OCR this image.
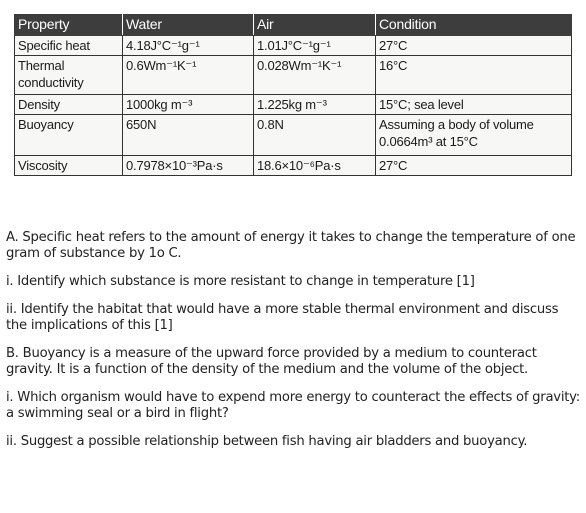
Property	Water	Air	Condition
Specific heat	4.18J°C⁻¹g⁻¹	1.01J°C⁻¹g⁻¹	27°C
Thermal conductivity	0.6Wm⁻¹K⁻¹	0.028Wm⁻¹K⁻¹	16°C
Density	1000kg m⁻³	1.225kg m⁻³	15°C; sea level
Buoyancy	650N	0.8N	Assuming a body of volume 0.0664m³ at 15°C
Viscosity	0.7978×10⁻³Pa·s	18.6×10⁻⁶Pa·s	27°C

A. Specific heat refers to the amount of energy it takes to change the temperature of one gram of substance by 1o C.

i. Identify which substance is more resistant to change in temperature [1]

ii. Identify the habitat that would have a more stable thermal environment and discuss the implications of this [1]

B. Buoyancy is a measure of the upward force provided by a medium to counteract gravity. It is a function of the density of the medium and the volume of the object.

i. Which organism would have to expend more energy to counteract the effects of gravity: a swimming seal or a bird in flight?

ii. Suggest a possible relationship between fish having air bladders and buoyancy.
